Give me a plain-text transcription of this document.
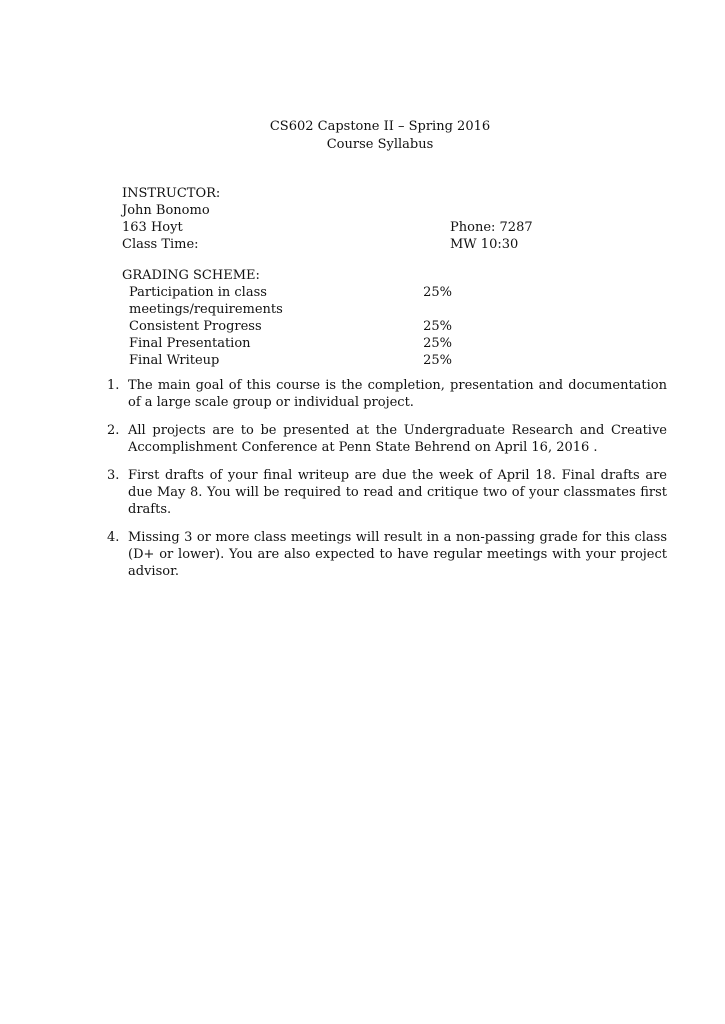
CS602 Capstone II – Spring 2016
Course Syllabus
INSTRUCTOR:
John Bonomo
163 Hoyt	Phone: 7287
Class Time:	MW 10:30
GRADING SCHEME:
Participation in class meetings/requirements	25%
Consistent Progress	25%
Final Presentation	25%
Final Writeup	25%
1. The main goal of this course is the completion, presentation and documentation of a large scale group or individual project.
2. All projects are to be presented at the Undergraduate Research and Creative Accomplishment Conference at Penn State Behrend on April 16, 2016 .
3. First drafts of your final writeup are due the week of April 18. Final drafts are due May 8. You will be required to read and critique two of your classmates first drafts.
4. Missing 3 or more class meetings will result in a non-passing grade for this class (D+ or lower). You are also expected to have regular meetings with your project advisor.
